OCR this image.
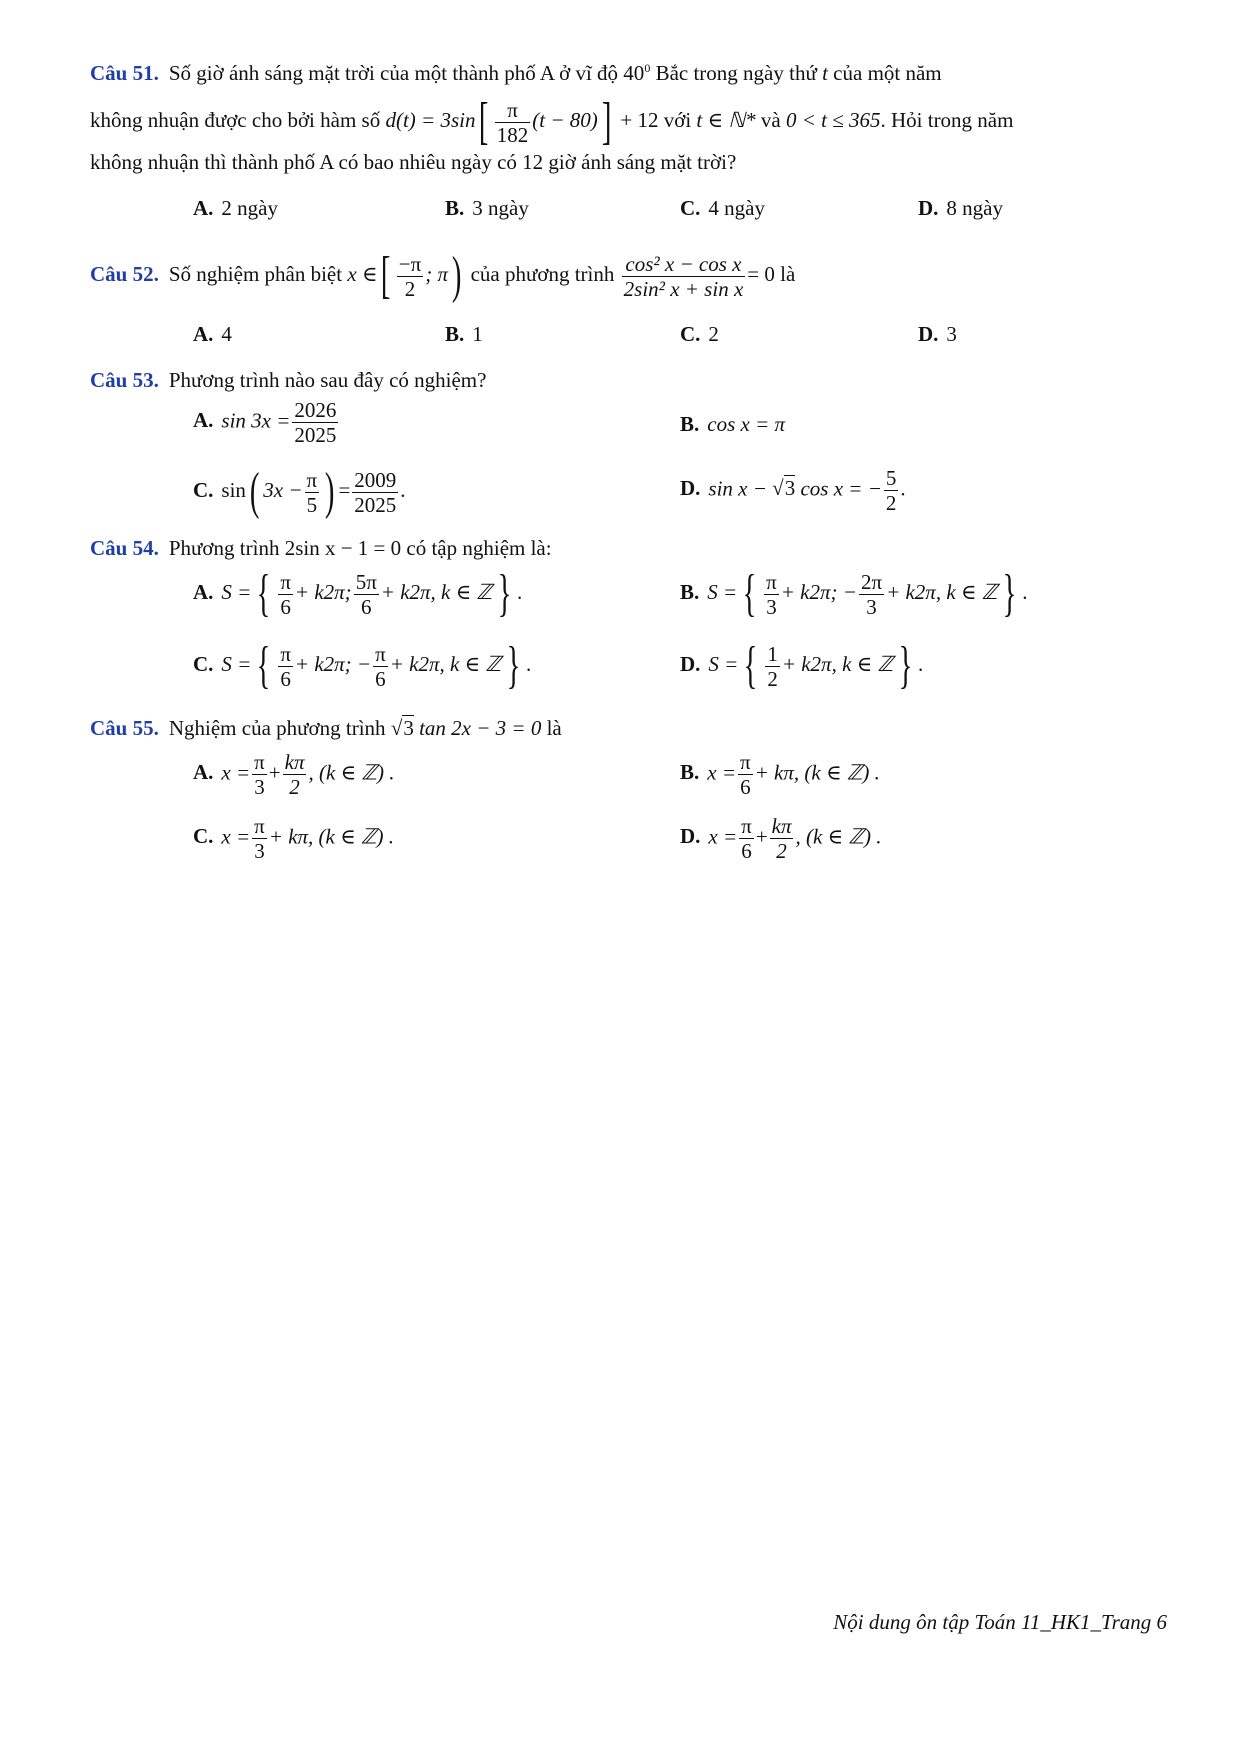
Câu 51. Số giờ ánh sáng mặt trời của một thành phố A ở vĩ độ $40^0$ Bắc trong ngày thứ t của một năm
không nhuận được cho bởi hàm số $d(t) = 3\sin[ \frac{\pi}{182} (t - 80)] + 12$ với t ∈ ℕ* và 0 < t ≤ 365. Hỏi trong năm
không nhuận thì thành phố A có bao nhiêu ngày có 12 giờ ánh sáng mặt trời?
A. 2 ngày	B. 3 ngày	C. 4 ngày	D. 8 ngày
Câu 52. Số nghiệm phân biệt x ∈[ $\frac{-\pi}{2}$ ; π) của phương trình $\frac{\text{cos² x − cos x}}{\text{2sin² x + sin x}} = 0$ là
A. 4	B. 1	C. 2	D. 3
Câu 53. Phương trình nào sau đây có nghiệm?
A. $\sin 3x = \frac{2026}{2025}$	B. cos x = π
C. sin( $3x - \frac{\pi}{5}$ ) = $\frac{2009}{2025}$ .	D. sin x − √3 cos x = − $\frac{5}{2}$ .
Câu 54. Phương trình 2sin x − 1 = 0 có tập nghiệm là:
A. S = { $\frac{\pi}{6} + k2\pi$; $\frac{5\pi}{6} + k2\pi$, k ∈ ℤ } .	B. S = { $\frac{\pi}{3} + k2\pi$; − $\frac{2\pi}{3} + k2\pi$, k ∈ ℤ } .
C. S = { $\frac{\pi}{6} + k2\pi$; − $\frac{\pi}{6} + k2\pi$, k ∈ ℤ } .	D. S = { $\frac{1}{2} + k2\pi$, k ∈ ℤ } .
Câu 55. Nghiệm của phương trình √3 tan 2x − 3 = 0 là
A. $x = \frac{\pi}{3} + \frac{k\pi}{2}$ , (k ∈ ℤ) .	B. $x = \frac{\pi}{6} + k\pi$, (k ∈ ℤ) .
C. $x = \frac{\pi}{3} + k\pi$, (k ∈ ℤ) .	D. $x = \frac{\pi}{6} + \frac{k\pi}{2}$ , (k ∈ ℤ) .
Nội dung ôn tập Toán 11_HK1_Trang 6
